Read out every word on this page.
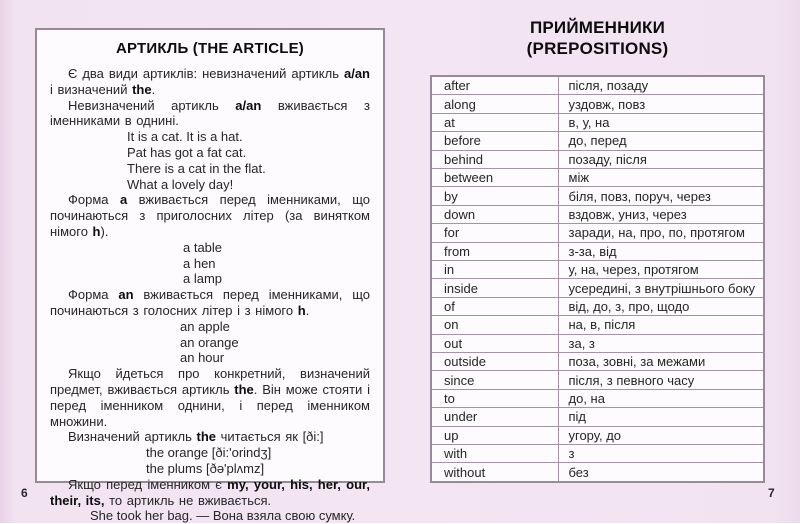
АРТИКЛЬ (THE ARTICLE)

Є два види артиклів: невизначений артикль a/an і визначений the.

Невизначений артикль a/an вживається з іменниками в однині.

It is a cat. It is a hat.
Pat has got a fat cat.
There is a cat in the flat.
What a lovely day!

Форма a вживається перед іменниками, що починаються з приголосних літер (за винятком німого h).

a table
a hen
a lamp

Форма an вживається перед іменниками, що починаються з голосних літер і з німого h.

an apple
an orange
an hour

Якщо йдеться про конкретний, визначений предмет, вживається артикль the. Він може стояти і перед іменником однини, і перед іменником множини.

Визначений артикль the читається як [ði:]

the orange [ði:'orindʒ]
the plums [ðə'plʌmz]

Якщо перед іменником є my, your, his, her, our, their, its, то артикль не вживається.

She took her bag. — Вона взяла свою сумку.
6
ПРИЙМЕННИКИ
(PREPOSITIONS)
after	після, позаду
along	уздовж, повз
at	в, у, на
before	до, перед
behind	позаду, після
between	між
by	біля, повз, поруч, через
down	вздовж, униз, через
for	заради, на, про, по, протягом
from	з-за, від
in	у, на, через, протягом
inside	усередині, з внутрішнього боку
of	від, до, з, про, щодо
on	на, в, після
out	за, з
outside	поза, зовні, за межами
since	після, з певного часу
to	до, на
under	під
up	угору, до
with	з
without	без
7
